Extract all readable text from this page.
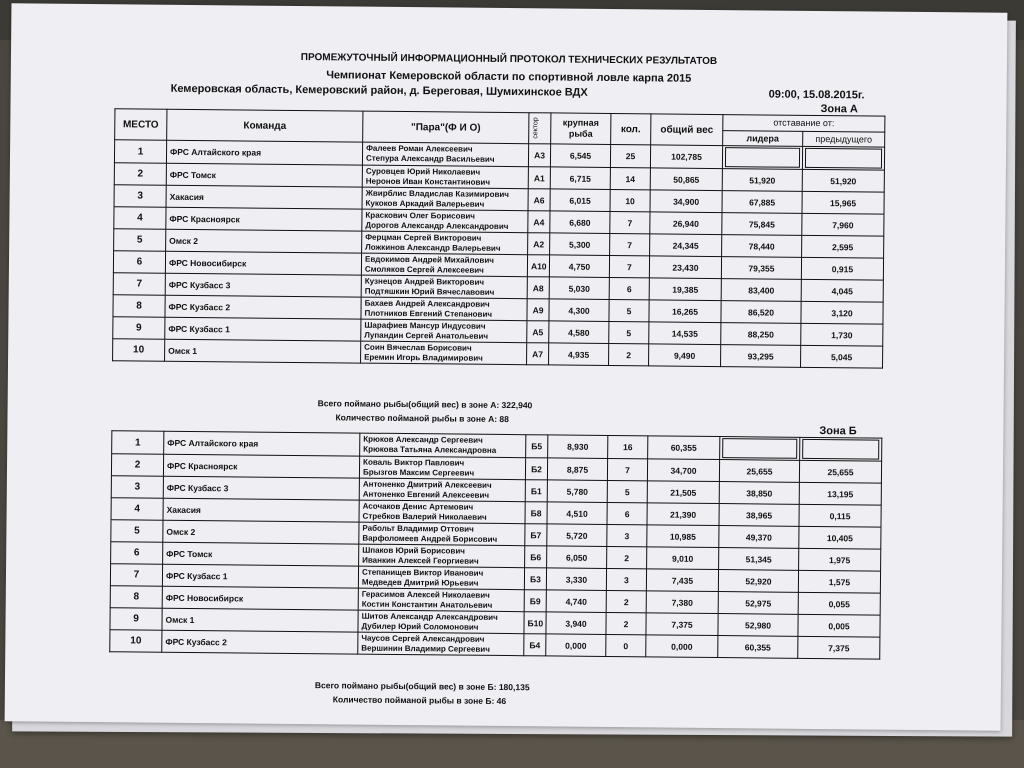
ПРОМЕЖУТОЧНЫЙ ИНФОРМАЦИОННЫЙ ПРОТОКОЛ ТЕХНИЧЕСКИХ РЕЗУЛЬТАТОВ
Чемпионат Кемеровской области по спортивной ловле карпа 2015
Кемеровская область, Кемеровский район, д. Береговая, Шумихинское ВДХ	09:00, 15.08.2015г.
Зона А
МЕСТО	Команда	"Пара"(Ф И О)	сектор	крупная рыба	кол.	общий вес	отставание от:	
							лидера	предыдущего
1	ФРС Алтайского края	Фалеев Роман Алексеевич
Степура Александр Васильевич	А3	6,545	25	102,785	

2	ФРС Томск	Суровцев Юрий Николаевич
Неронов Иван Константинович	А1	6,715	14	50,865	51,920	51,920
3	Хакасия	Жвирблис Владислав Казимирович
Кукоков Аркадий Валерьевич	А6	6,015	10	34,900	67,885	15,965
4	ФРС Красноярск	Краскович Олег Борисович
Дорогов Александр Александрович	А4	6,680	7	26,940	75,845	7,960
5	Омск 2	Ферцман Сергей Викторович
Ложкинов Александр Валерьевич	А2	5,300	7	24,345	78,440	2,595
6	ФРС Новосибирск	Евдокимов Андрей Михайлович
Смоляков Сергей Алексеевич	А10	4,750	7	23,430	79,355	0,915
7	ФРС Кузбасс 3	Кузнецов Андрей Викторович
Подтяшкин Юрий Вячеславович	А8	5,030	6	19,385	83,400	4,045
8	ФРС Кузбасс 2	Бахаев Андрей Александрович
Плотников Евгений Степанович	А9	4,300	5	16,265	86,520	3,120
9	ФРС Кузбасс 1	Шарафиев Мансур Индусович
Лупандин Сергей Анатольевич	А5	4,580	5	14,535	88,250	1,730
10	Омск 1	Соин Вячеслав Борисович
Еремин Игорь Владимирович	А7	4,935	2	9,490	93,295	5,045
Всего поймано рыбы(общий вес) в зоне А: 322,940
Количество пойманой рыбы в зоне А: 88
Зона Б
1	ФРС Алтайского края	Крюков Александр Сергеевич
Крюкова Татьяна Александровна	Б5	8,930	16	60,355	

2	ФРС Красноярск	Коваль Виктор Павлович
Брызгов Максим Сергеевич	Б2	8,875	7	34,700	25,655	25,655
3	ФРС Кузбасс 3	Антоненко Дмитрий Алексеевич
Антоненко Евгений Алексеевич	Б1	5,780	5	21,505	38,850	13,195
4	Хакасия	Асочаков Денис Артемович
Стребков Валерий Николаевич	Б8	4,510	6	21,390	38,965	0,115
5	Омск 2	Рабольт Владимир Оттович
Варфоломеев Андрей Борисович	Б7	5,720	3	10,985	49,370	10,405
6	ФРС Томск	Шпаков Юрий Борисович
Иванкин Алексей Георгиевич	Б6	6,050	2	9,010	51,345	1,975
7	ФРС Кузбасс 1	Степанищев Виктор Иванович
Медведев Дмитрий Юрьевич	Б3	3,330	3	7,435	52,920	1,575
8	ФРС Новосибирск	Герасимов Алексей Николаевич
Костин Константин Анатольевич	Б9	4,740	2	7,380	52,975	0,055
9	Омск 1	Шитов Александр Александрович
Дубилер Юрий Соломонович	Б10	3,940	2	7,375	52,980	0,005
10	ФРС Кузбасс 2	Чаусов Сергей Александрович
Вершинин Владимир Сергеевич	Б4	0,000	0	0,000	60,355	7,375
Всего поймано рыбы(общий вес) в зоне Б: 180,135
Количество пойманой рыбы в зоне Б: 46
